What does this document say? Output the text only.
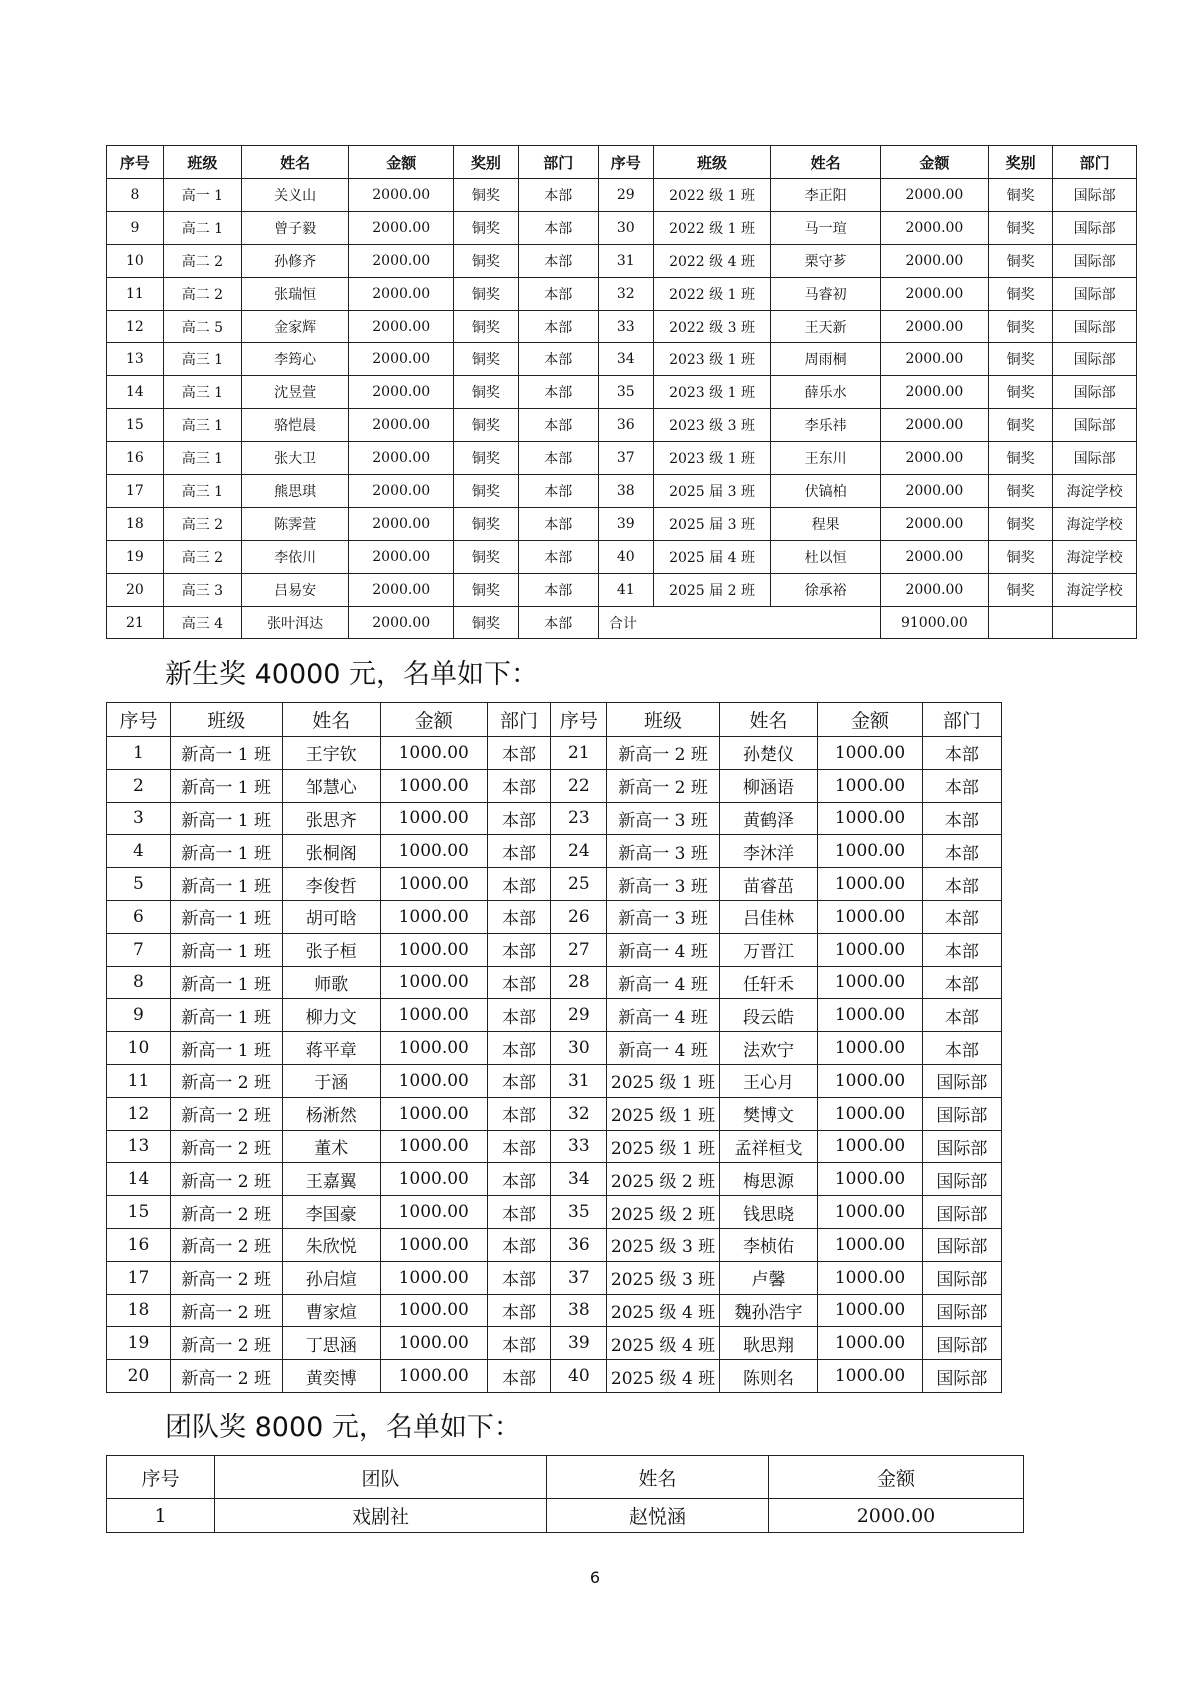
序号	班级	姓名	金额	奖别	部门	序号	班级	姓名	金额	奖别	部门
8	高一 1	关义山	2000.00	铜奖	本部	29	2022 级 1 班	李正阳	2000.00	铜奖	国际部
9	高二 1	曾子毅	2000.00	铜奖	本部	30	2022 级 1 班	马一瑄	2000.00	铜奖	国际部
10	高二 2	孙修齐	2000.00	铜奖	本部	31	2022 级 4 班	栗守芗	2000.00	铜奖	国际部
11	高二 2	张瑞恒	2000.00	铜奖	本部	32	2022 级 1 班	马睿初	2000.00	铜奖	国际部
12	高二 5	金家辉	2000.00	铜奖	本部	33	2022 级 3 班	王天新	2000.00	铜奖	国际部
13	高三 1	李筠心	2000.00	铜奖	本部	34	2023 级 1 班	周雨桐	2000.00	铜奖	国际部
14	高三 1	沈昱萱	2000.00	铜奖	本部	35	2023 级 1 班	薛乐水	2000.00	铜奖	国际部
15	高三 1	骆恺晨	2000.00	铜奖	本部	36	2023 级 3 班	李乐祎	2000.00	铜奖	国际部
16	高三 1	张大卫	2000.00	铜奖	本部	37	2023 级 1 班	王东川	2000.00	铜奖	国际部
17	高三 1	熊思琪	2000.00	铜奖	本部	38	2025 届 3 班	伏镐柏	2000.00	铜奖	海淀学校
18	高三 2	陈霁萱	2000.00	铜奖	本部	39	2025 届 3 班	程果	2000.00	铜奖	海淀学校
19	高三 2	李依川	2000.00	铜奖	本部	40	2025 届 4 班	杜以恒	2000.00	铜奖	海淀学校
20	高三 3	吕易安	2000.00	铜奖	本部	41	2025 届 2 班	徐承裕	2000.00	铜奖	海淀学校
21	高三 4	张叶洱达	2000.00	铜奖	本部	合计			91000.00		
新生奖 40000 元，名单如下：
序号	班级	姓名	金额	部门	序号	班级	姓名	金额	部门
1	新高一 1 班	王宇钦	1000.00	本部	21	新高一 2 班	孙楚仪	1000.00	本部
2	新高一 1 班	邹慧心	1000.00	本部	22	新高一 2 班	柳涵语	1000.00	本部
3	新高一 1 班	张思齐	1000.00	本部	23	新高一 3 班	黄鹤泽	1000.00	本部
4	新高一 1 班	张桐阁	1000.00	本部	24	新高一 3 班	李沐洋	1000.00	本部
5	新高一 1 班	李俊哲	1000.00	本部	25	新高一 3 班	苗睿茁	1000.00	本部
6	新高一 1 班	胡可晗	1000.00	本部	26	新高一 3 班	吕佳林	1000.00	本部
7	新高一 1 班	张子桓	1000.00	本部	27	新高一 4 班	万晋江	1000.00	本部
8	新高一 1 班	师歌	1000.00	本部	28	新高一 4 班	任轩禾	1000.00	本部
9	新高一 1 班	柳力文	1000.00	本部	29	新高一 4 班	段云皓	1000.00	本部
10	新高一 1 班	蒋平章	1000.00	本部	30	新高一 4 班	法欢宁	1000.00	本部
11	新高一 2 班	于涵	1000.00	本部	31	2025 级 1 班	王心月	1000.00	国际部
12	新高一 2 班	杨淅然	1000.00	本部	32	2025 级 1 班	樊博文	1000.00	国际部
13	新高一 2 班	董术	1000.00	本部	33	2025 级 1 班	孟祥桓戈	1000.00	国际部
14	新高一 2 班	王嘉翼	1000.00	本部	34	2025 级 2 班	梅思源	1000.00	国际部
15	新高一 2 班	李国豪	1000.00	本部	35	2025 级 2 班	钱思晓	1000.00	国际部
16	新高一 2 班	朱欣悦	1000.00	本部	36	2025 级 3 班	李桢佑	1000.00	国际部
17	新高一 2 班	孙启煊	1000.00	本部	37	2025 级 3 班	卢馨	1000.00	国际部
18	新高一 2 班	曹家煊	1000.00	本部	38	2025 级 4 班	魏孙浩宇	1000.00	国际部
19	新高一 2 班	丁思涵	1000.00	本部	39	2025 级 4 班	耿思翔	1000.00	国际部
20	新高一 2 班	黄奕博	1000.00	本部	40	2025 级 4 班	陈则名	1000.00	国际部
团队奖 8000 元，名单如下：
序号	团队	姓名	金额
1	戏剧社	赵悦涵	2000.00
6
